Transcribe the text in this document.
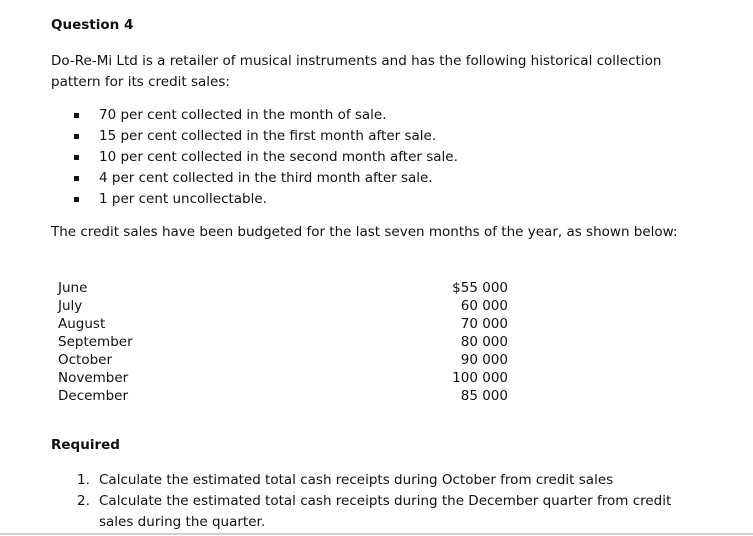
Question 4

Do-Re-Mi Ltd is a retailer of musical instruments and has the following historical collection pattern for its credit sales:

70 per cent collected in the month of sale.
15 per cent collected in the first month after sale.
10 per cent collected in the second month after sale.
4 per cent collected in the third month after sale.
1 per cent uncollectable.

The credit sales have been budgeted for the last seven months of the year, as shown below:

June	$55 000
July	60 000
August	70 000
September	80 000
October	90 000
November	100 000
December	85 000
Required
1. Calculate the estimated total cash receipts during October from credit sales
2. Calculate the estimated total cash receipts during the December quarter from credit sales during the quarter.
